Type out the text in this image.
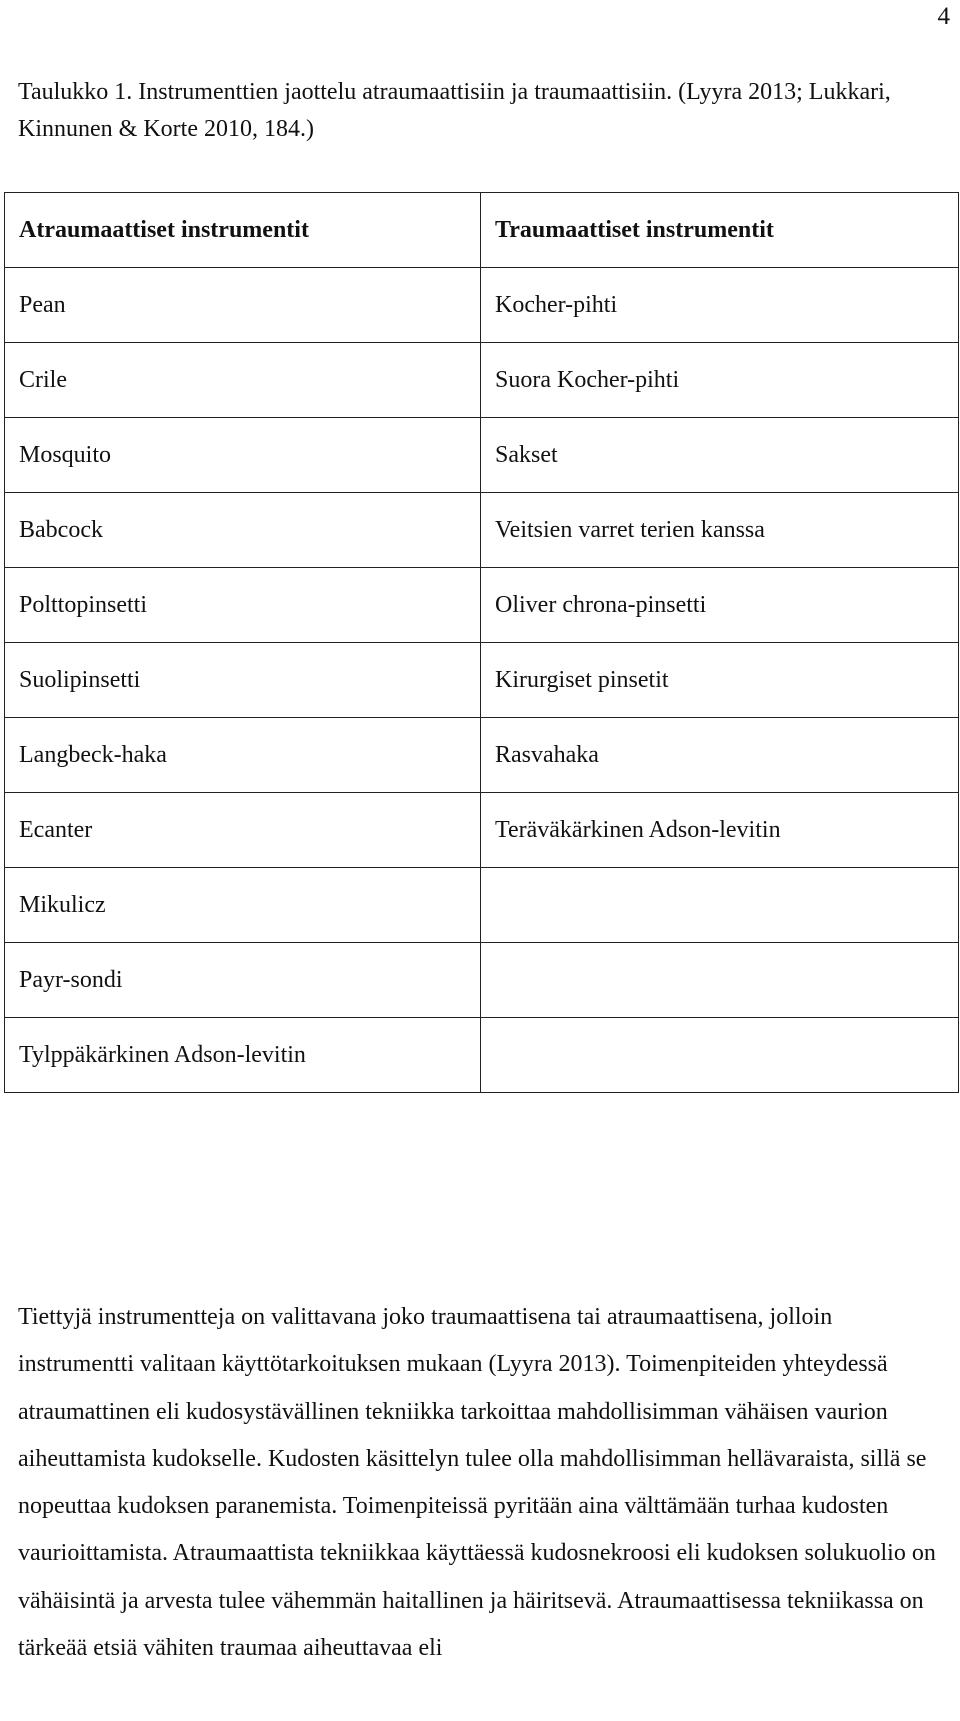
4
Taulukko 1. Instrumenttien jaottelu atraumaattisiin ja traumaattisiin. (Lyyra 2013; Lukkari, Kinnunen & Korte 2010, 184.)
Atraumaattiset instrumentit	Traumaattiset instrumentit
Pean	Kocher-pihti
Crile	Suora Kocher-pihti
Mosquito	Sakset
Babcock	Veitsien varret terien kanssa
Polttopinsetti	Oliver chrona-pinsetti
Suolipinsetti	Kirurgiset pinsetit
Langbeck-haka	Rasvahaka
Ecanter	Teräväkärkinen Adson-levitin
Mikulicz	
Payr-sondi	
Tylppäkärkinen Adson-levitin	

Tiettyjä instrumentteja on valittavana joko traumaattisena tai atraumaattisena, jolloin instrumentti valitaan käyttötarkoituksen mukaan (Lyyra 2013). Toimenpiteiden yhteydessä atraumattinen eli kudosystävällinen tekniikka tarkoittaa mahdollisimman vähäisen vaurion aiheuttamista kudokselle. Kudosten käsittelyn tulee olla mahdollisimman hellävaraista, sillä se nopeuttaa kudoksen paranemista. Toimenpiteissä pyritään aina välttämään turhaa kudosten vaurioittamista. Atraumaattista tekniikkaa käyttäessä kudosnekroosi eli kudoksen solukuolio on vähäisintä ja arvesta tulee vähemmän haitallinen ja häiritsevä. Atraumaattisessa tekniikassa on tärkeää etsiä vähiten traumaa aiheuttavaa eli
